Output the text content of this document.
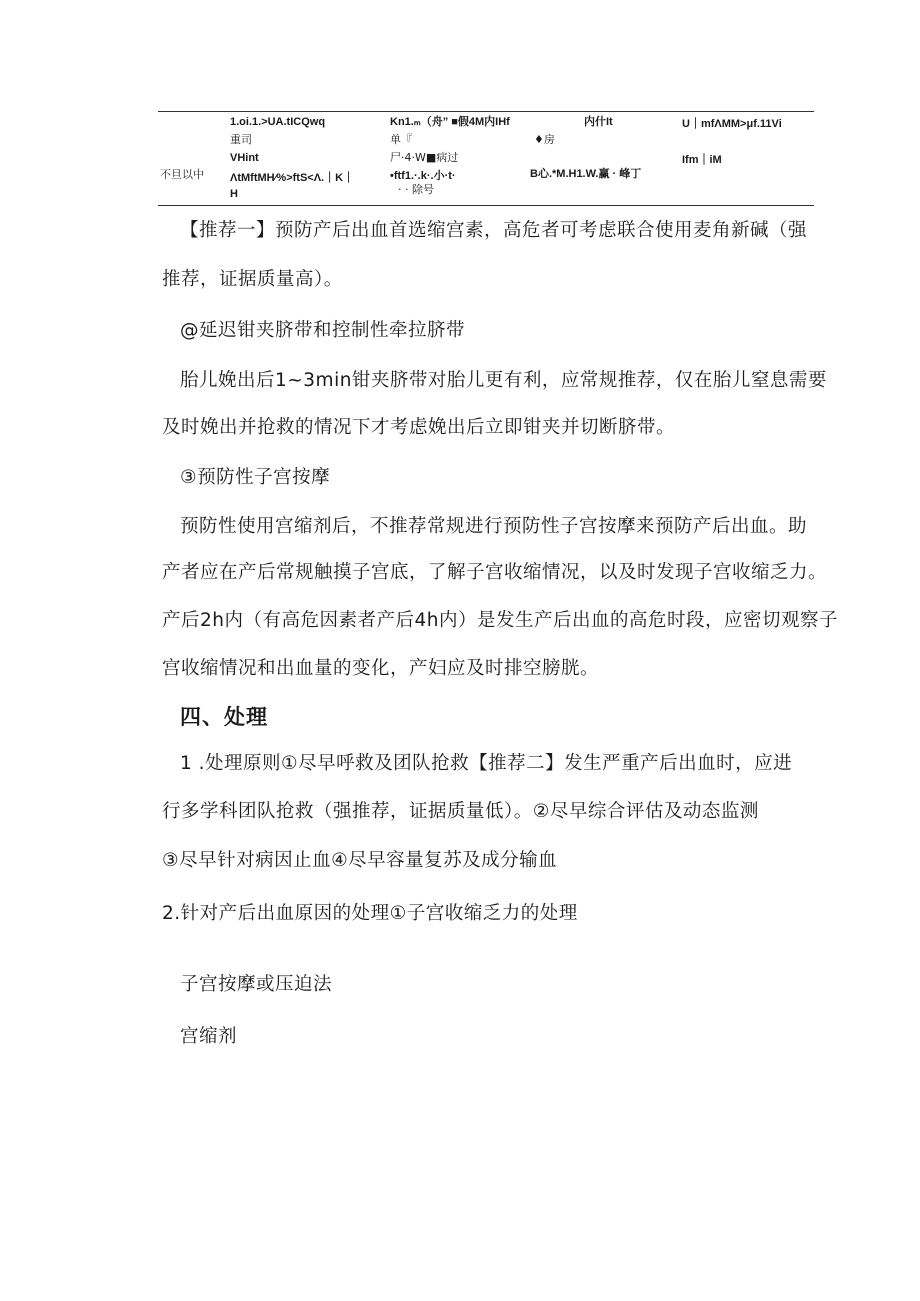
1.oi.1.>UA.tICQwq
重司
VHint
ΛtMftMH⁄%>ftS<Λ.｜K｜
H
不旦以中
Kn1.ₘ（舟” ■假4M内IHf
单『
尸·4·W■病过
•ftf1.·.k·.小·t·
· · 除号
内什It
♦房
B心.*M.H1.W.赢 · 峰丁
U｜mfΛMM>μf.11Vi
Ifm｜iM
【推荐一】预防产后出血首选缩宫素，高危者可考虑联合使用麦角新碱（强
推荐，证据质量高）。
@延迟钳夹脐带和控制性牵拉脐带
胎儿娩出后1~3min钳夹脐带对胎儿更有利，应常规推荐，仅在胎儿窒息需要
及时娩出并抢救的情况下才考虑娩出后立即钳夹并切断脐带。
③预防性子宫按摩
预防性使用宫缩剂后，不推荐常规进行预防性子宫按摩来预防产后出血。助
产者应在产后常规触摸子宫底，了解子宫收缩情况，以及时发现子宫收缩乏力。
产后2h内（有高危因素者产后4h内）是发生产后出血的高危时段，应密切观察子
宫收缩情况和出血量的变化，产妇应及时排空膀胱。
四、处理
1 .处理原则①尽早呼救及团队抢救【推荐二】发生严重产后出血时，应进
行多学科团队抢救（强推荐，证据质量低）。②尽早综合评估及动态监测
③尽早针对病因止血④尽早容量复苏及成分输血
2.针对产后出血原因的处理①子宫收缩乏力的处理
子宫按摩或压迫法
宫缩剂
